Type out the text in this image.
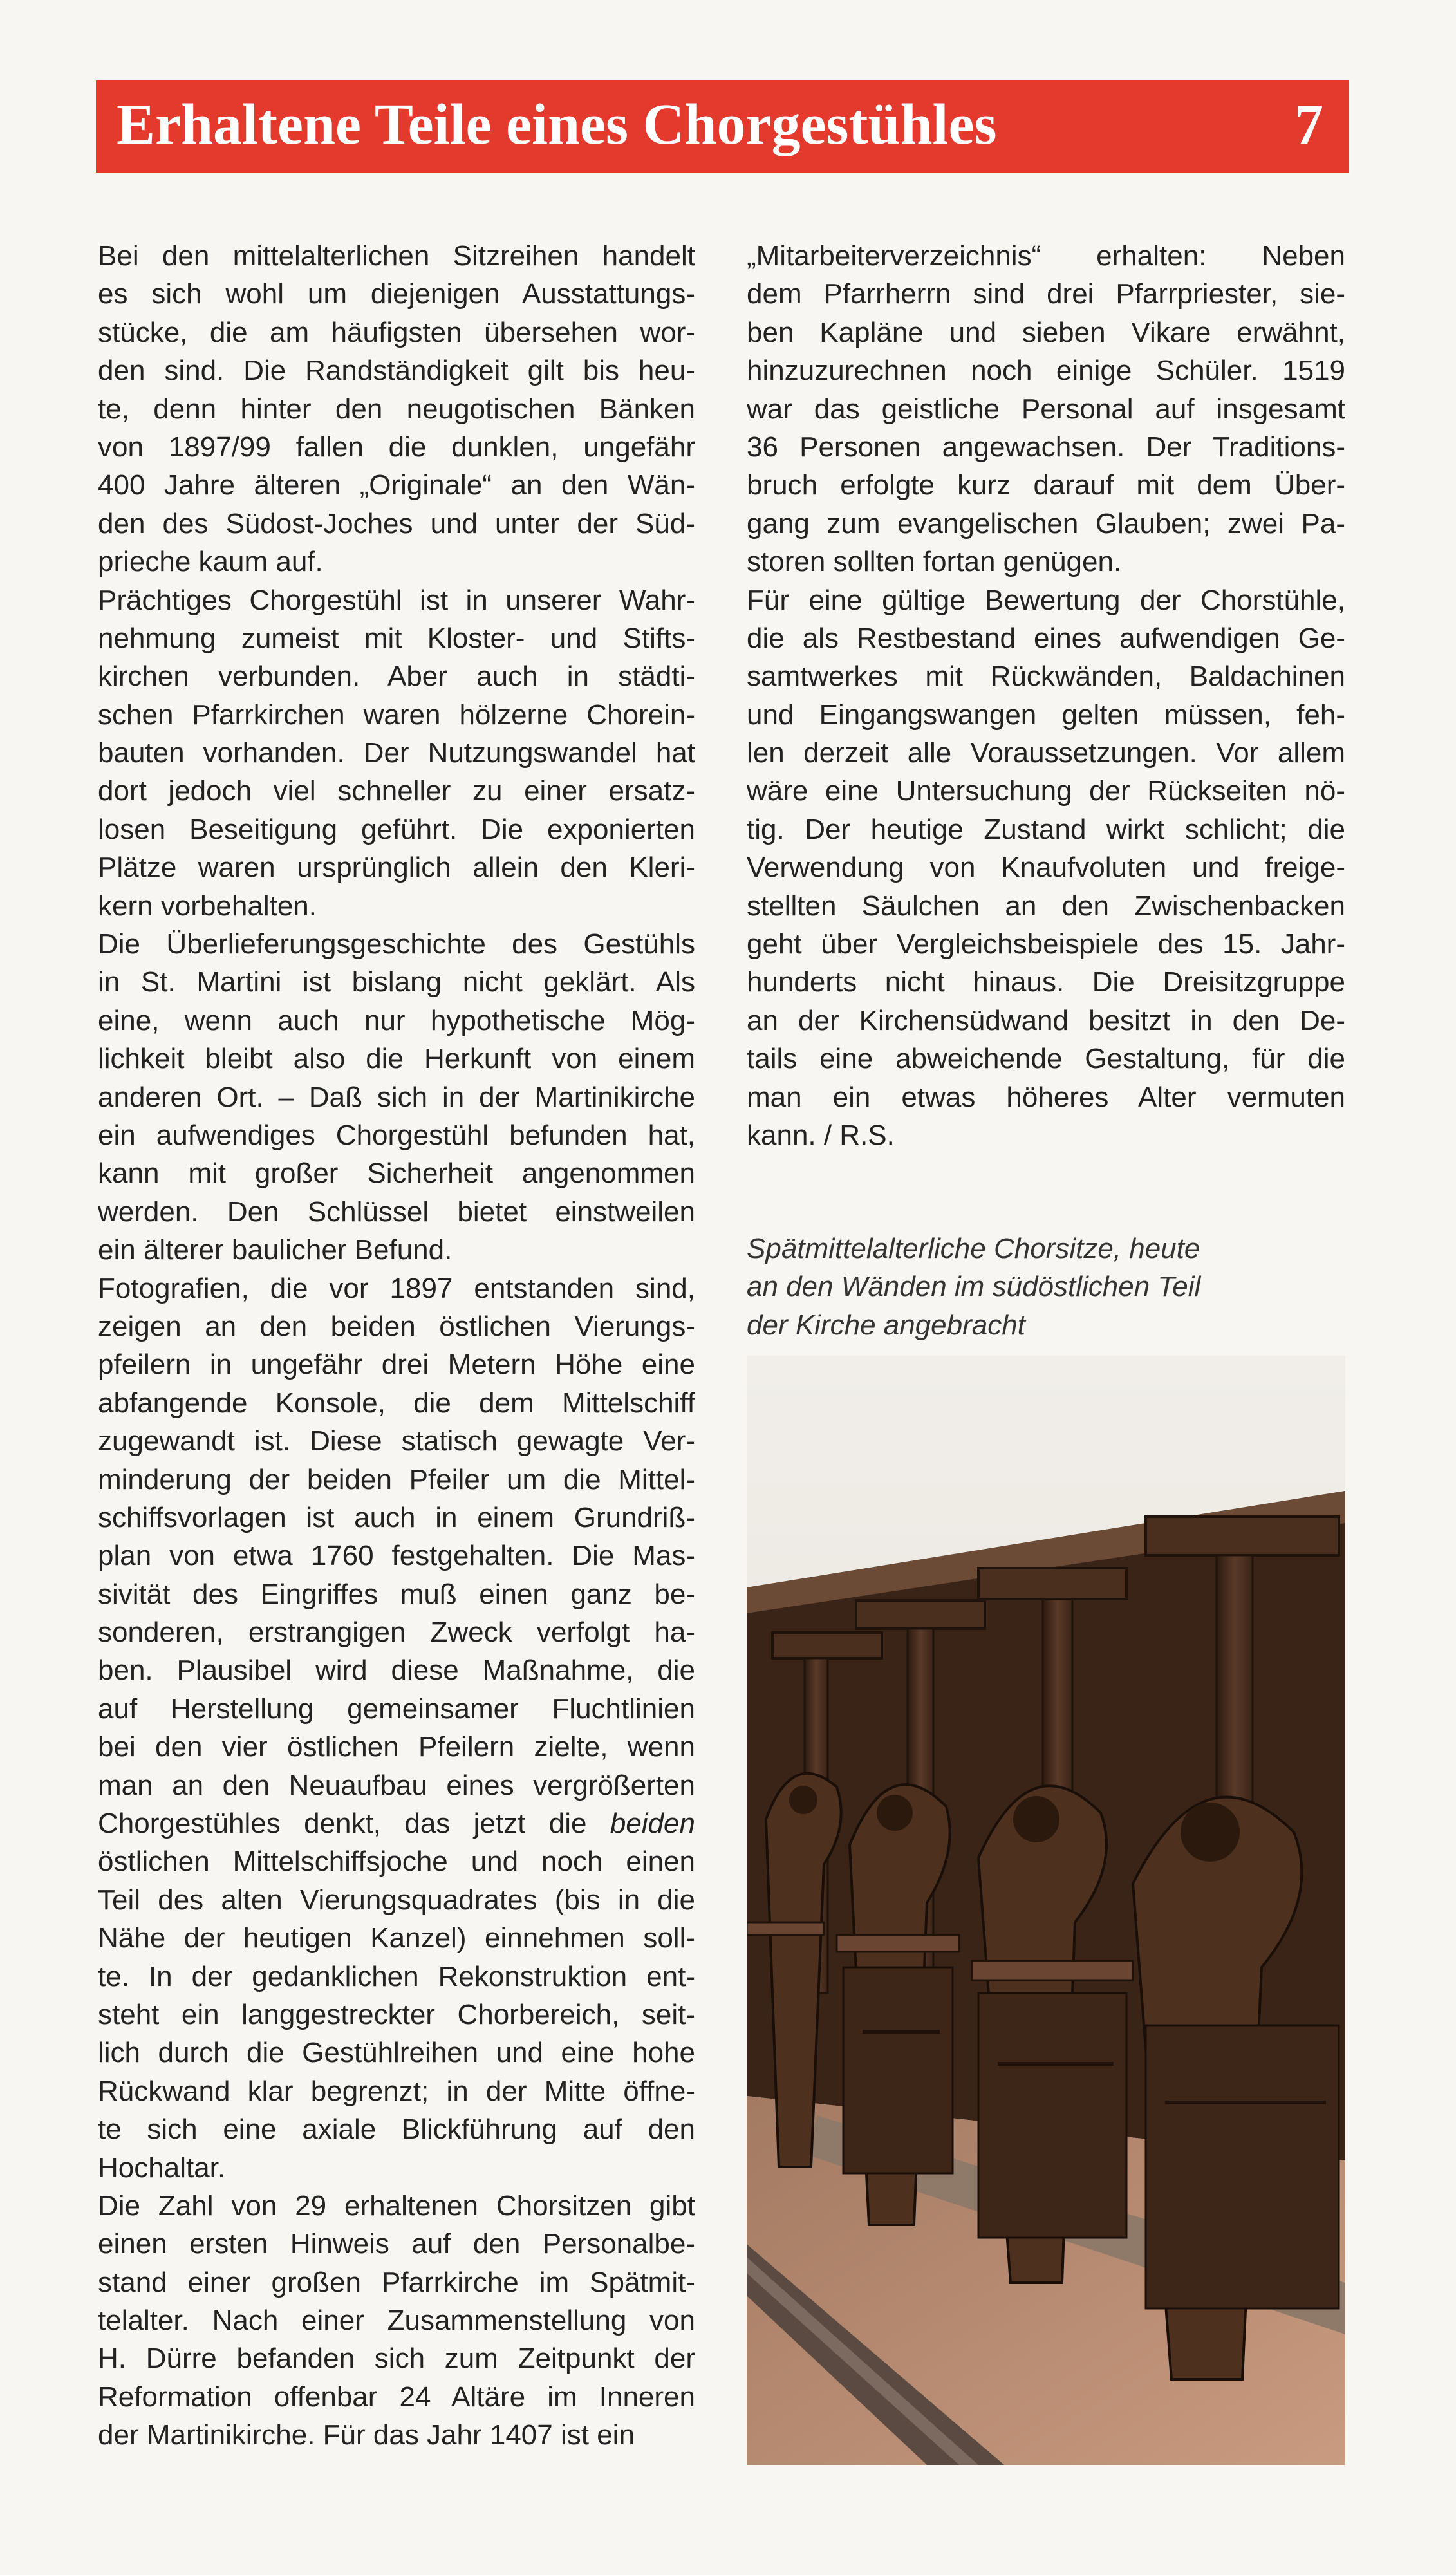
Erhaltene Teile eines Chorgestühles	7
Bei den mittelalterlichen Sitzreihen handelt
es sich wohl um diejenigen Ausstattungs-
stücke, die am häufigsten übersehen wor-
den sind. Die Randständigkeit gilt bis heu-
te, denn hinter den neugotischen Bänken
von 1897/99 fallen die dunklen, ungefähr
400 Jahre älteren „Originale“ an den Wän-
den des Südost-Joches und unter der Süd-
prieche kaum auf.
Prächtiges Chorgestühl ist in unserer Wahr-
nehmung zumeist mit Kloster- und Stifts-
kirchen verbunden. Aber auch in städti-
schen Pfarrkirchen waren hölzerne Chorein-
bauten vorhanden. Der Nutzungswandel hat
dort jedoch viel schneller zu einer ersatz-
losen Beseitigung geführt. Die exponierten
Plätze waren ursprünglich allein den Kleri-
kern vorbehalten.
Die Überlieferungsgeschichte des Gestühls
in St. Martini ist bislang nicht geklärt. Als
eine, wenn auch nur hypothetische Mög-
lichkeit bleibt also die Herkunft von einem
anderen Ort. – Daß sich in der Martinikirche
ein aufwendiges Chorgestühl befunden hat,
kann mit großer Sicherheit angenommen
werden. Den Schlüssel bietet einstweilen
ein älterer baulicher Befund.
Fotografien, die vor 1897 entstanden sind,
zeigen an den beiden östlichen Vierungs-
pfeilern in ungefähr drei Metern Höhe eine
abfangende Konsole, die dem Mittelschiff
zugewandt ist. Diese statisch gewagte Ver-
minderung der beiden Pfeiler um die Mittel-
schiffsvorlagen ist auch in einem Grundriß-
plan von etwa 1760 festgehalten. Die Mas-
sivität des Eingriffes muß einen ganz be-
sonderen, erstrangigen Zweck verfolgt ha-
ben. Plausibel wird diese Maßnahme, die
auf Herstellung gemeinsamer Fluchtlinien
bei den vier östlichen Pfeilern zielte, wenn
man an den Neuaufbau eines vergrößerten
Chorgestühles denkt, das jetzt die beiden
östlichen Mittelschiffsjoche und noch einen
Teil des alten Vierungsquadrates (bis in die
Nähe der heutigen Kanzel) einnehmen soll-
te. In der gedanklichen Rekonstruktion ent-
steht ein langgestreckter Chorbereich, seit-
lich durch die Gestühlreihen und eine hohe
Rückwand klar begrenzt; in der Mitte öffne-
te sich eine axiale Blickführung auf den
Hochaltar.
Die Zahl von 29 erhaltenen Chorsitzen gibt
einen ersten Hinweis auf den Personalbe-
stand einer großen Pfarrkirche im Spätmit-
telalter. Nach einer Zusammenstellung von
H. Dürre befanden sich zum Zeitpunkt der
Reformation offenbar 24 Altäre im Inneren
der Martinikirche. Für das Jahr 1407 ist ein
„Mitarbeiterverzeichnis“ erhalten: Neben
dem Pfarrherrn sind drei Pfarrpriester, sie-
ben Kapläne und sieben Vikare erwähnt,
hinzuzurechnen noch einige Schüler. 1519
war das geistliche Personal auf insgesamt
36 Personen angewachsen. Der Traditions-
bruch erfolgte kurz darauf mit dem Über-
gang zum evangelischen Glauben; zwei Pa-
storen sollten fortan genügen.
Für eine gültige Bewertung der Chorstühle,
die als Restbestand eines aufwendigen Ge-
samtwerkes mit Rückwänden, Baldachinen
und Eingangswangen gelten müssen, feh-
len derzeit alle Voraussetzungen. Vor allem
wäre eine Untersuchung der Rückseiten nö-
tig. Der heutige Zustand wirkt schlicht; die
Verwendung von Knaufvoluten und freige-
stellten Säulchen an den Zwischenbacken
geht über Vergleichsbeispiele des 15. Jahr-
hunderts nicht hinaus. Die Dreisitzgruppe
an der Kirchensüdwand besitzt in den De-
tails eine abweichende Gestaltung, für die
man ein etwas höheres Alter vermuten
kann. / R.S.
Spätmittelalterliche Chorsitze, heute
an den Wänden im südöstlichen Teil
der Kirche angebracht
